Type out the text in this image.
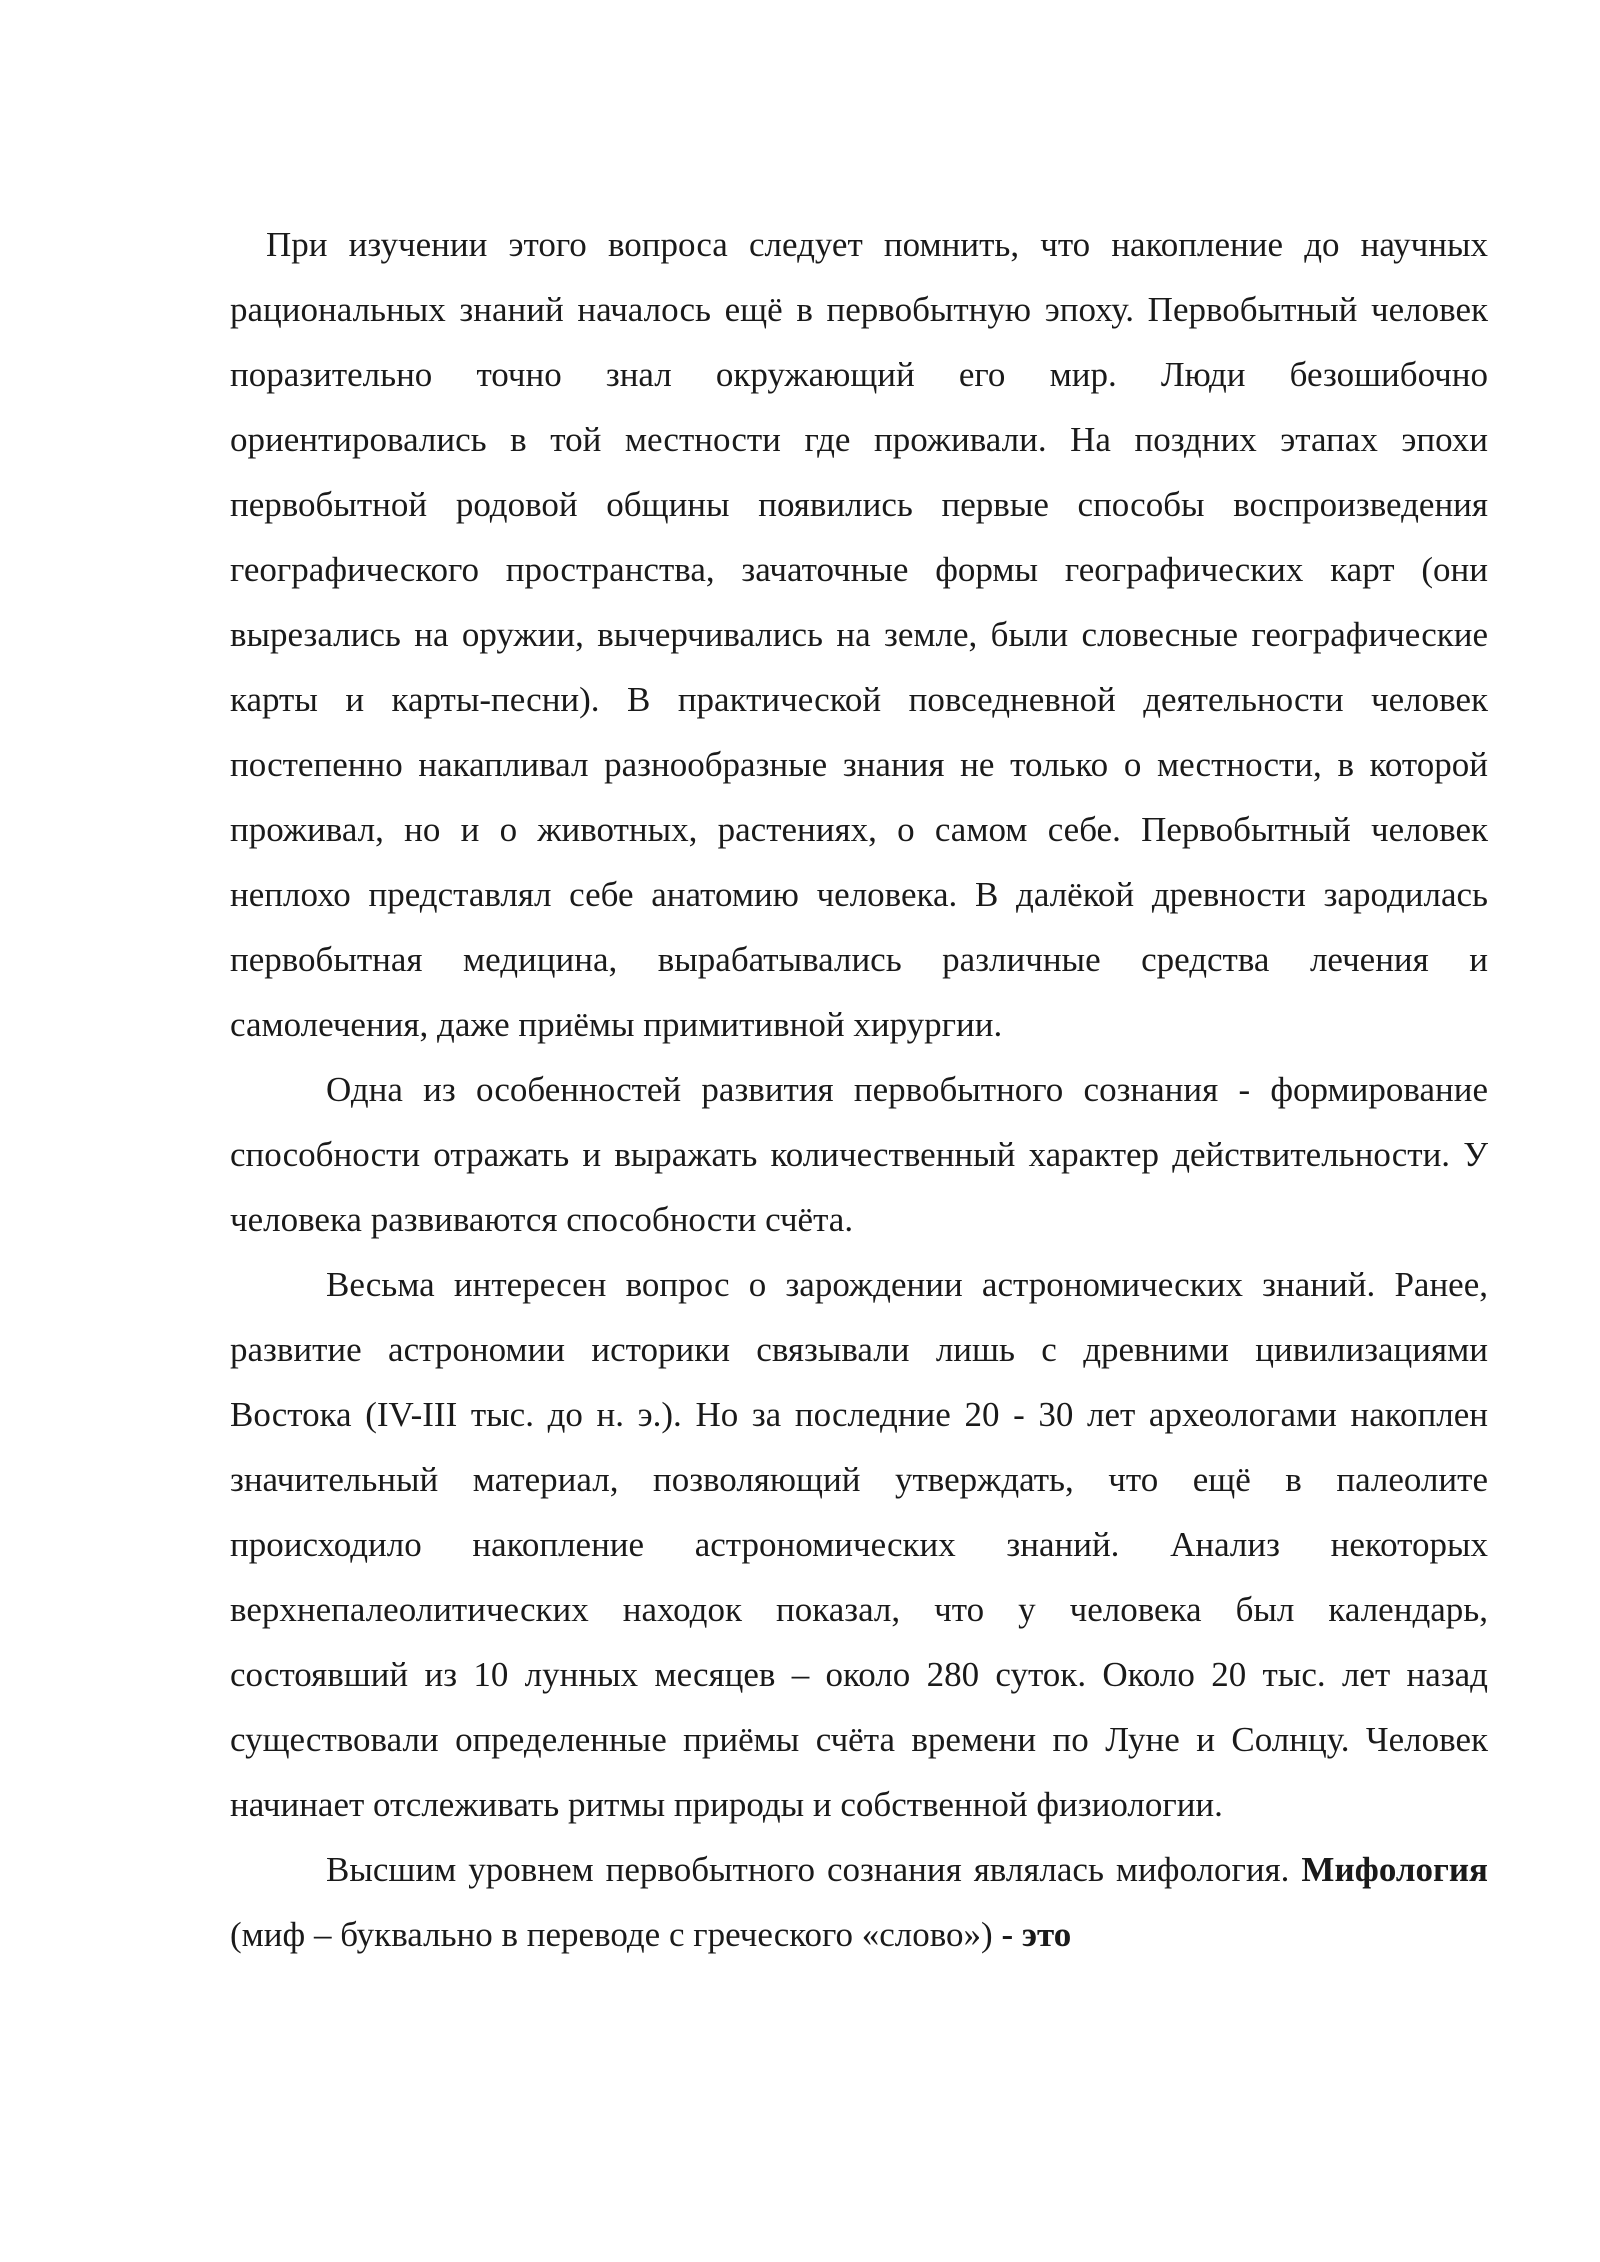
При изучении этого вопроса следует помнить, что накопление до научных рациональных знаний началось ещё в первобытную эпоху. Первобытный человек поразительно точно знал окружающий его мир. Люди безошибочно ориентировались в той местности где проживали. На поздних этапах эпохи первобытной родовой общины появились первые способы воспроизведения географического пространства, зачаточные формы географических карт (они вырезались на оружии, вычерчивались на земле, были словесные географические карты и карты-песни). В практической повседневной деятельности человек постепенно накапливал разнообразные знания не только о местности, в которой проживал, но и о животных, растениях, о самом себе. Первобытный человек неплохо представлял себе анатомию человека. В далёкой древности зародилась первобытная медицина, вырабатывались различные средства лечения и самолечения, даже приёмы примитивной хирургии.

Одна из особенностей развития первобытного сознания - формирование способности отражать и выражать количественный характер действительности. У человека развиваются способности счёта.

Весьма интересен вопрос о зарождении астрономических знаний. Ранее, развитие астрономии историки связывали лишь с древними цивилизациями Востока (IV-III тыс. до н. э.). Но за последние 20 - 30 лет археологами накоплен значительный материал, позволяющий утверждать, что ещё в палеолите происходило накопление астрономических знаний. Анализ некоторых верхнепалеолитических находок показал, что у человека был календарь, состоявший из 10 лунных месяцев – около 280 суток. Около 20 тыс. лет назад существовали определенные приёмы счёта времени по Луне и Солнцу. Человек начинает отслеживать ритмы природы и собственной физиологии.

Высшим уровнем первобытного сознания являлась мифология. Мифология (миф – буквально в переводе с греческого «слово») - это
